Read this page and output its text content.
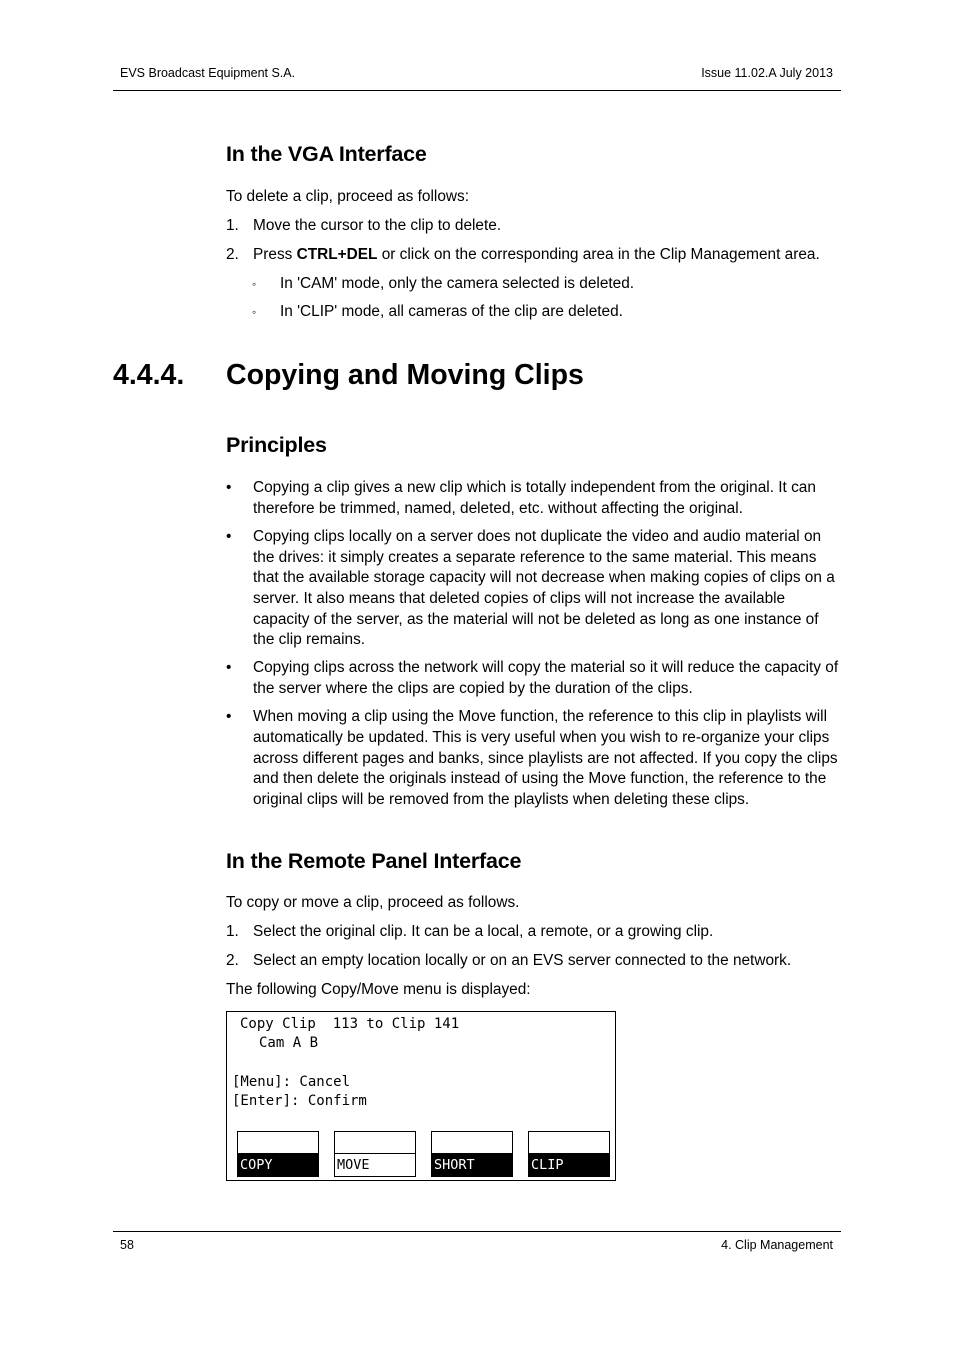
EVS Broadcast Equipment S.A.	Issue 11.02.A July 2013
In the VGA Interface
To delete a clip, proceed as follows:
1. Move the cursor to the clip to delete.
2. Press CTRL+DEL or click on the corresponding area in the Clip Management area.
◦ In 'CAM' mode, only the camera selected is deleted.
◦ In 'CLIP' mode, all cameras of the clip are deleted.
4.4.4. Copying and Moving Clips
Principles
• Copying a clip gives a new clip which is totally independent from the original. It can therefore be trimmed, named, deleted, etc. without affecting the original.
• Copying clips locally on a server does not duplicate the video and audio material on the drives: it simply creates a separate reference to the same material. This means that the available storage capacity will not decrease when making copies of clips on a server. It also means that deleted copies of clips will not increase the available capacity of the server, as the material will not be deleted as long as one instance of the clip remains.
• Copying clips across the network will copy the material so it will reduce the capacity of the server where the clips are copied by the duration of the clips.
• When moving a clip using the Move function, the reference to this clip in playlists will automatically be updated. This is very useful when you wish to re-organize your clips across different pages and banks, since playlists are not affected. If you copy the clips and then delete the originals instead of using the Move function, the reference to the original clips will be removed from the playlists when deleting these clips.
In the Remote Panel Interface
To copy or move a clip, proceed as follows.
1. Select the original clip. It can be a local, a remote, or a growing clip.
2. Select an empty location locally or on an EVS server connected to the network.
The following Copy/Move menu is displayed:
Copy Clip  113 to Clip 141
Cam A B
[Menu]: Cancel
[Enter]: Confirm
COPY	MOVE	SHORT	CLIP
58	4. Clip Management
